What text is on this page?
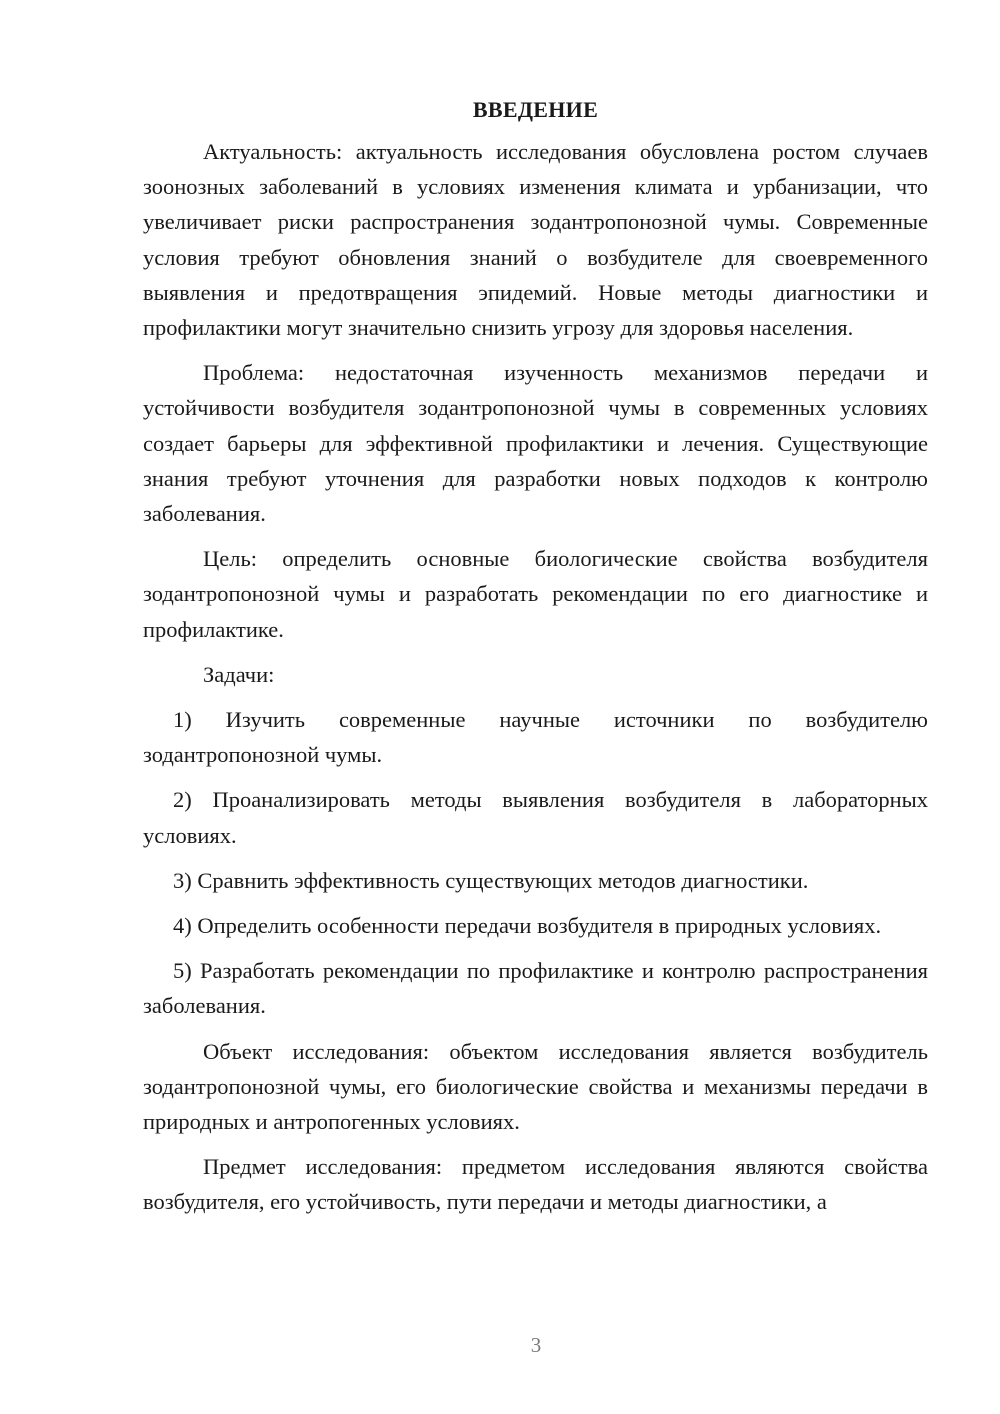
ВВЕДЕНИЕ

Актуальность: актуальность исследования обусловлена ростом случаев зоонозных заболеваний в условиях изменения климата и урбанизации, что увеличивает риски распространения зодантропонозной чумы. Современные условия требуют обновления знаний о возбудителе для своевременного выявления и предотвращения эпидемий. Новые методы диагностики и профилактики могут значительно снизить угрозу для здоровья населения.

Проблема: недостаточная изученность механизмов передачи и устойчивости возбудителя зодантропонозной чумы в современных условиях создает барьеры для эффективной профилактики и лечения. Существующие знания требуют уточнения для разработки новых подходов к контролю заболевания.

Цель: определить основные биологические свойства возбудителя зодантропонозной чумы и разработать рекомендации по его диагностике и профилактике.

Задачи:

1) Изучить современные научные источники по возбудителю зодантропонозной чумы.

2) Проанализировать методы выявления возбудителя в лабораторных условиях.

3) Сравнить эффективность существующих методов диагностики.

4) Определить особенности передачи возбудителя в природных условиях.

5) Разработать рекомендации по профилактике и контролю распространения заболевания.

Объект исследования: объектом исследования является возбудитель зодантропонозной чумы, его биологические свойства и механизмы передачи в природных и антропогенных условиях.

Предмет исследования: предметом исследования являются свойства возбудителя, его устойчивость, пути передачи и методы диагностики, а

3
